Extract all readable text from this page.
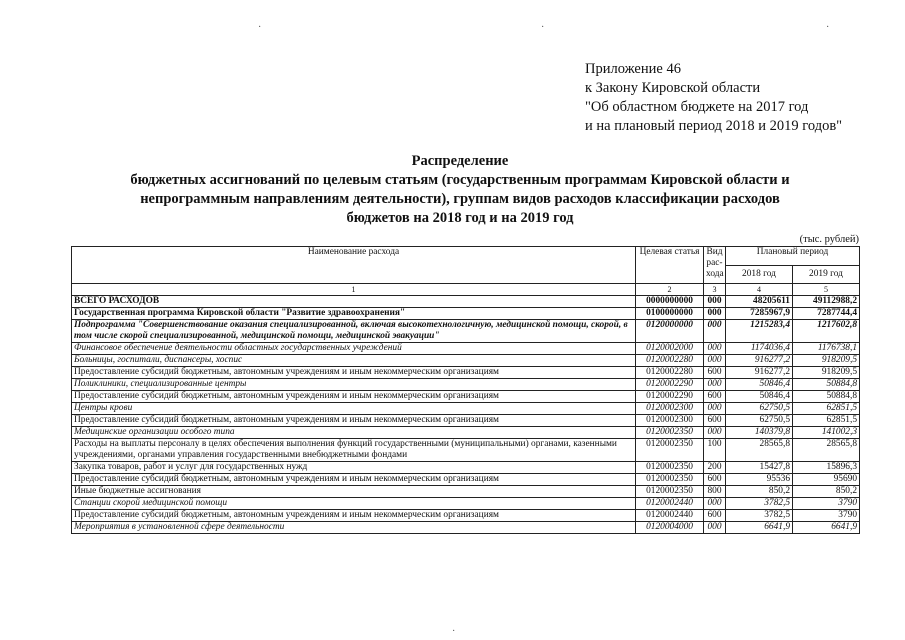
·	·	·
Приложение 46
к Закону Кировской области
"Об областном бюджете на 2017 год
и на плановый период 2018 и 2019 годов"
Распределение
бюджетных ассигнований по целевым статьям (государственным программам Кировской области и
непрограммным направлениям деятельности), группам видов расходов классификации расходов
бюджетов на 2018 год и на 2019 год
(тыс. рублей)
Наименование расхода	Целевая статья	Вид рас-хода	Плановый период	
			2018 год	2019 год
1	2	3	4	5
ВСЕГО РАСХОДОВ	0000000000	000	48205611	49112988,2
Государственная программа Кировской области "Развитие здравоохранения"	0100000000	000	7285967,9	7287744,4
Подпрограмма "Совершенствование оказания специализированной, включая высокотехнологичную, медицинской помощи, скорой, в том числе скорой специализированной, медицинской помощи, медицинской эвакуации"	0120000000	000	1215283,4	1217602,8
Финансовое обеспечение деятельности областных государственных учреждений	0120002000	000	1174036,4	1176738,1
Больницы, госпитали, диспансеры, хоспис	0120002280	000	916277,2	918209,5
Предоставление субсидий бюджетным, автономным учреждениям и иным некоммерческим организациям	0120002280	600	916277,2	918209,5
Поликлиники, специализированные центры	0120002290	000	50846,4	50884,8
Предоставление субсидий бюджетным, автономным учреждениям и иным некоммерческим организациям	0120002290	600	50846,4	50884,8
Центры крови	0120002300	000	62750,5	62851,5
Предоставление субсидий бюджетным, автономным учреждениям и иным некоммерческим организациям	0120002300	600	62750,5	62851,5
Медицинские организации особого типа	0120002350	000	140379,8	141002,3
Расходы на выплаты персоналу в целях обеспечения выполнения функций государственными (муниципальными) органами, казенными учреждениями, органами управления государственными внебюджетными фондами	0120002350	100	28565,8	28565,8
Закупка товаров, работ и услуг для государственных нужд	0120002350	200	15427,8	15896,3
Предоставление субсидий бюджетным, автономным учреждениям и иным некоммерческим организациям	0120002350	600	95536	95690
Иные бюджетные ассигнования	0120002350	800	850,2	850,2
Станции скорой медицинской помощи	0120002440	000	3782,5	3790
Предоставление субсидий бюджетным, автономным учреждениям и иным некоммерческим организациям	0120002440	600	3782,5	3790
Мероприятия в установленной сфере деятельности	0120004000	000	6641,9	6641,9
·
